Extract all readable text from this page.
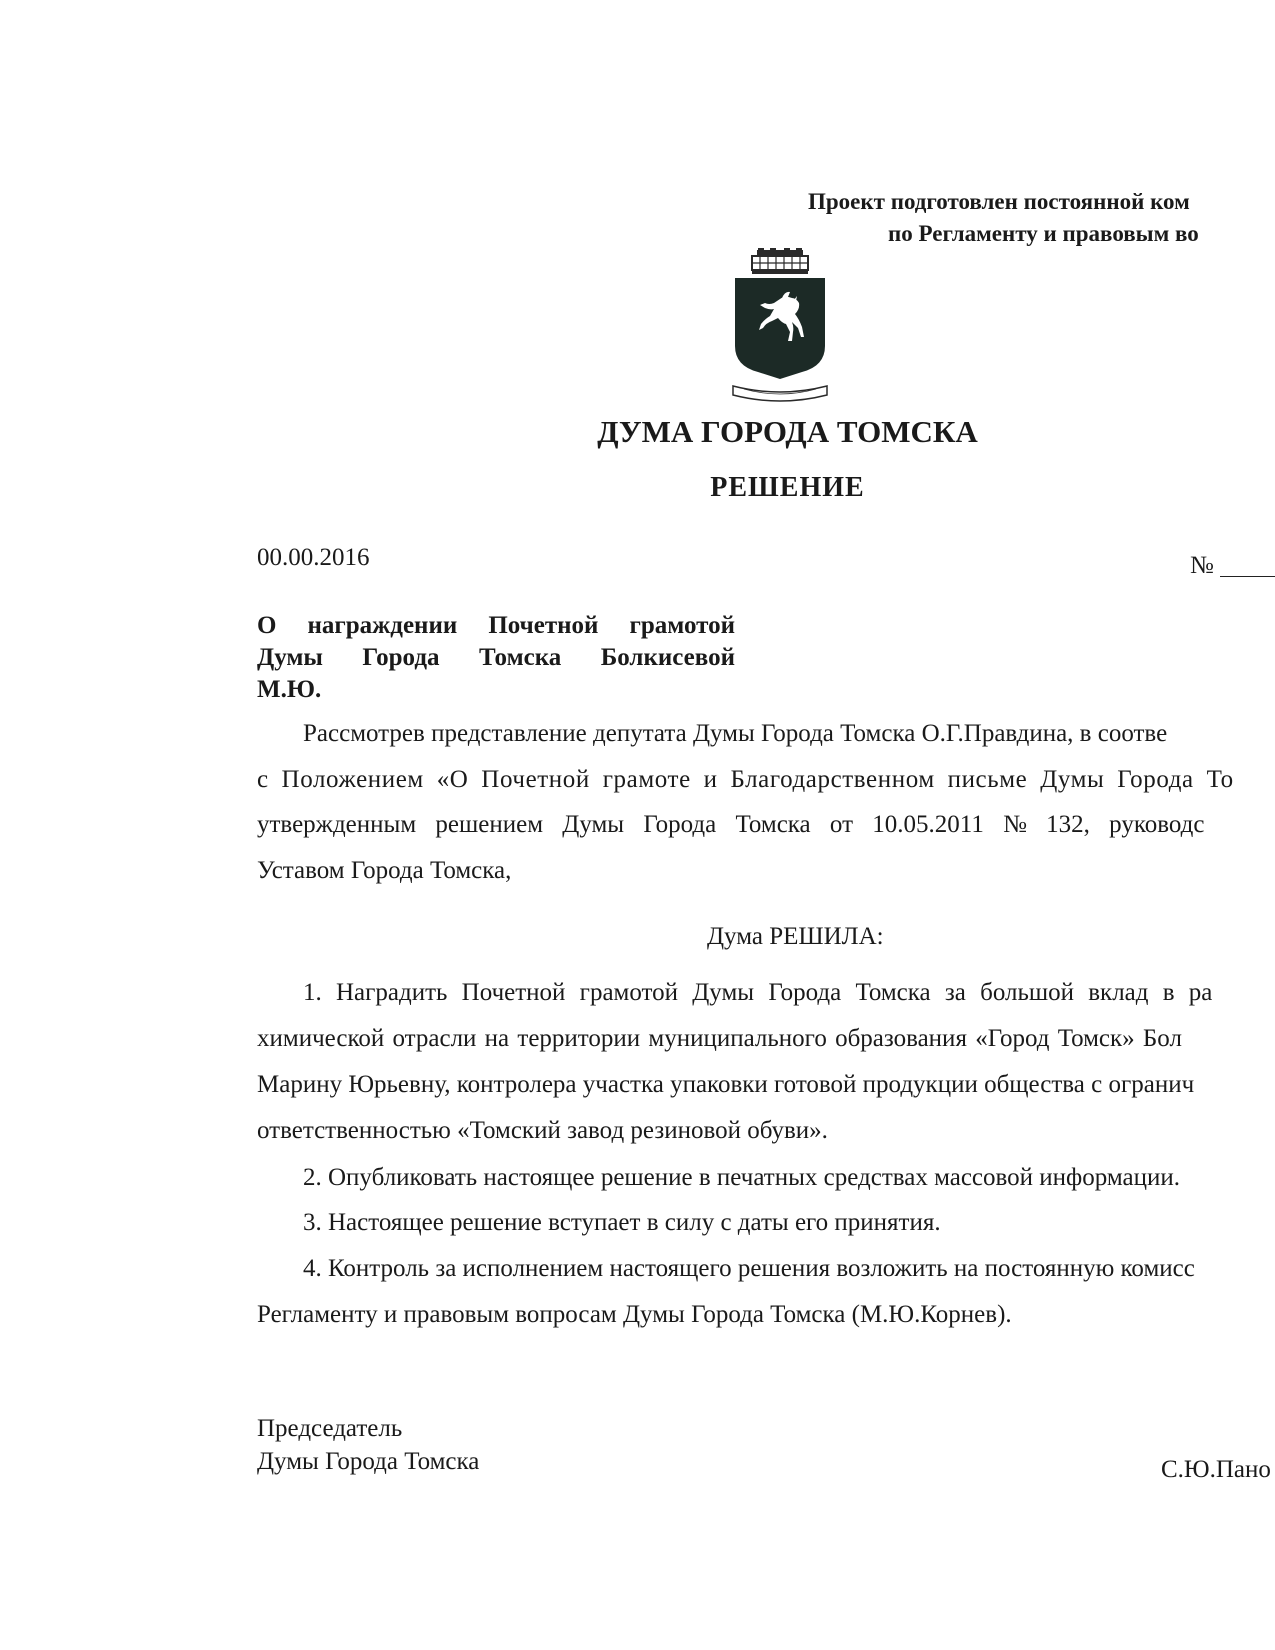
Проект подготовлен постоянной ком
по Регламенту и правовым во
ДУМА ГОРОДА ТОМСКА
РЕШЕНИЕ
00.00.2016	№
О награждении Почетной грамотой
Думы Города Томска Болкисевой
М.Ю.
Рассмотрев представление депутата Думы Города Томска О.Г.Правдина, в соотве
с Положением «О Почетной грамоте и Благодарственном письме Думы Города То
утвержденным решением Думы Города Томска от 10.05.2011 № 132, руководс
Уставом Города Томска,
Дума РЕШИЛА:
1. Наградить Почетной грамотой Думы Города Томска за большой вклад в ра
химической отрасли на территории муниципального образования «Город Томск» Бол
Марину Юрьевну, контролера участка упаковки готовой продукции общества с огранич
ответственностью «Томский завод резиновой обуви».
2. Опубликовать настоящее решение в печатных средствах массовой информации.
3. Настоящее решение вступает в силу с даты его принятия.
4. Контроль за исполнением настоящего решения возложить на постоянную комисс
Регламенту и правовым вопросам Думы Города Томска (М.Ю.Корнев).
Председатель
Думы Города Томска	С.Ю.Пано
